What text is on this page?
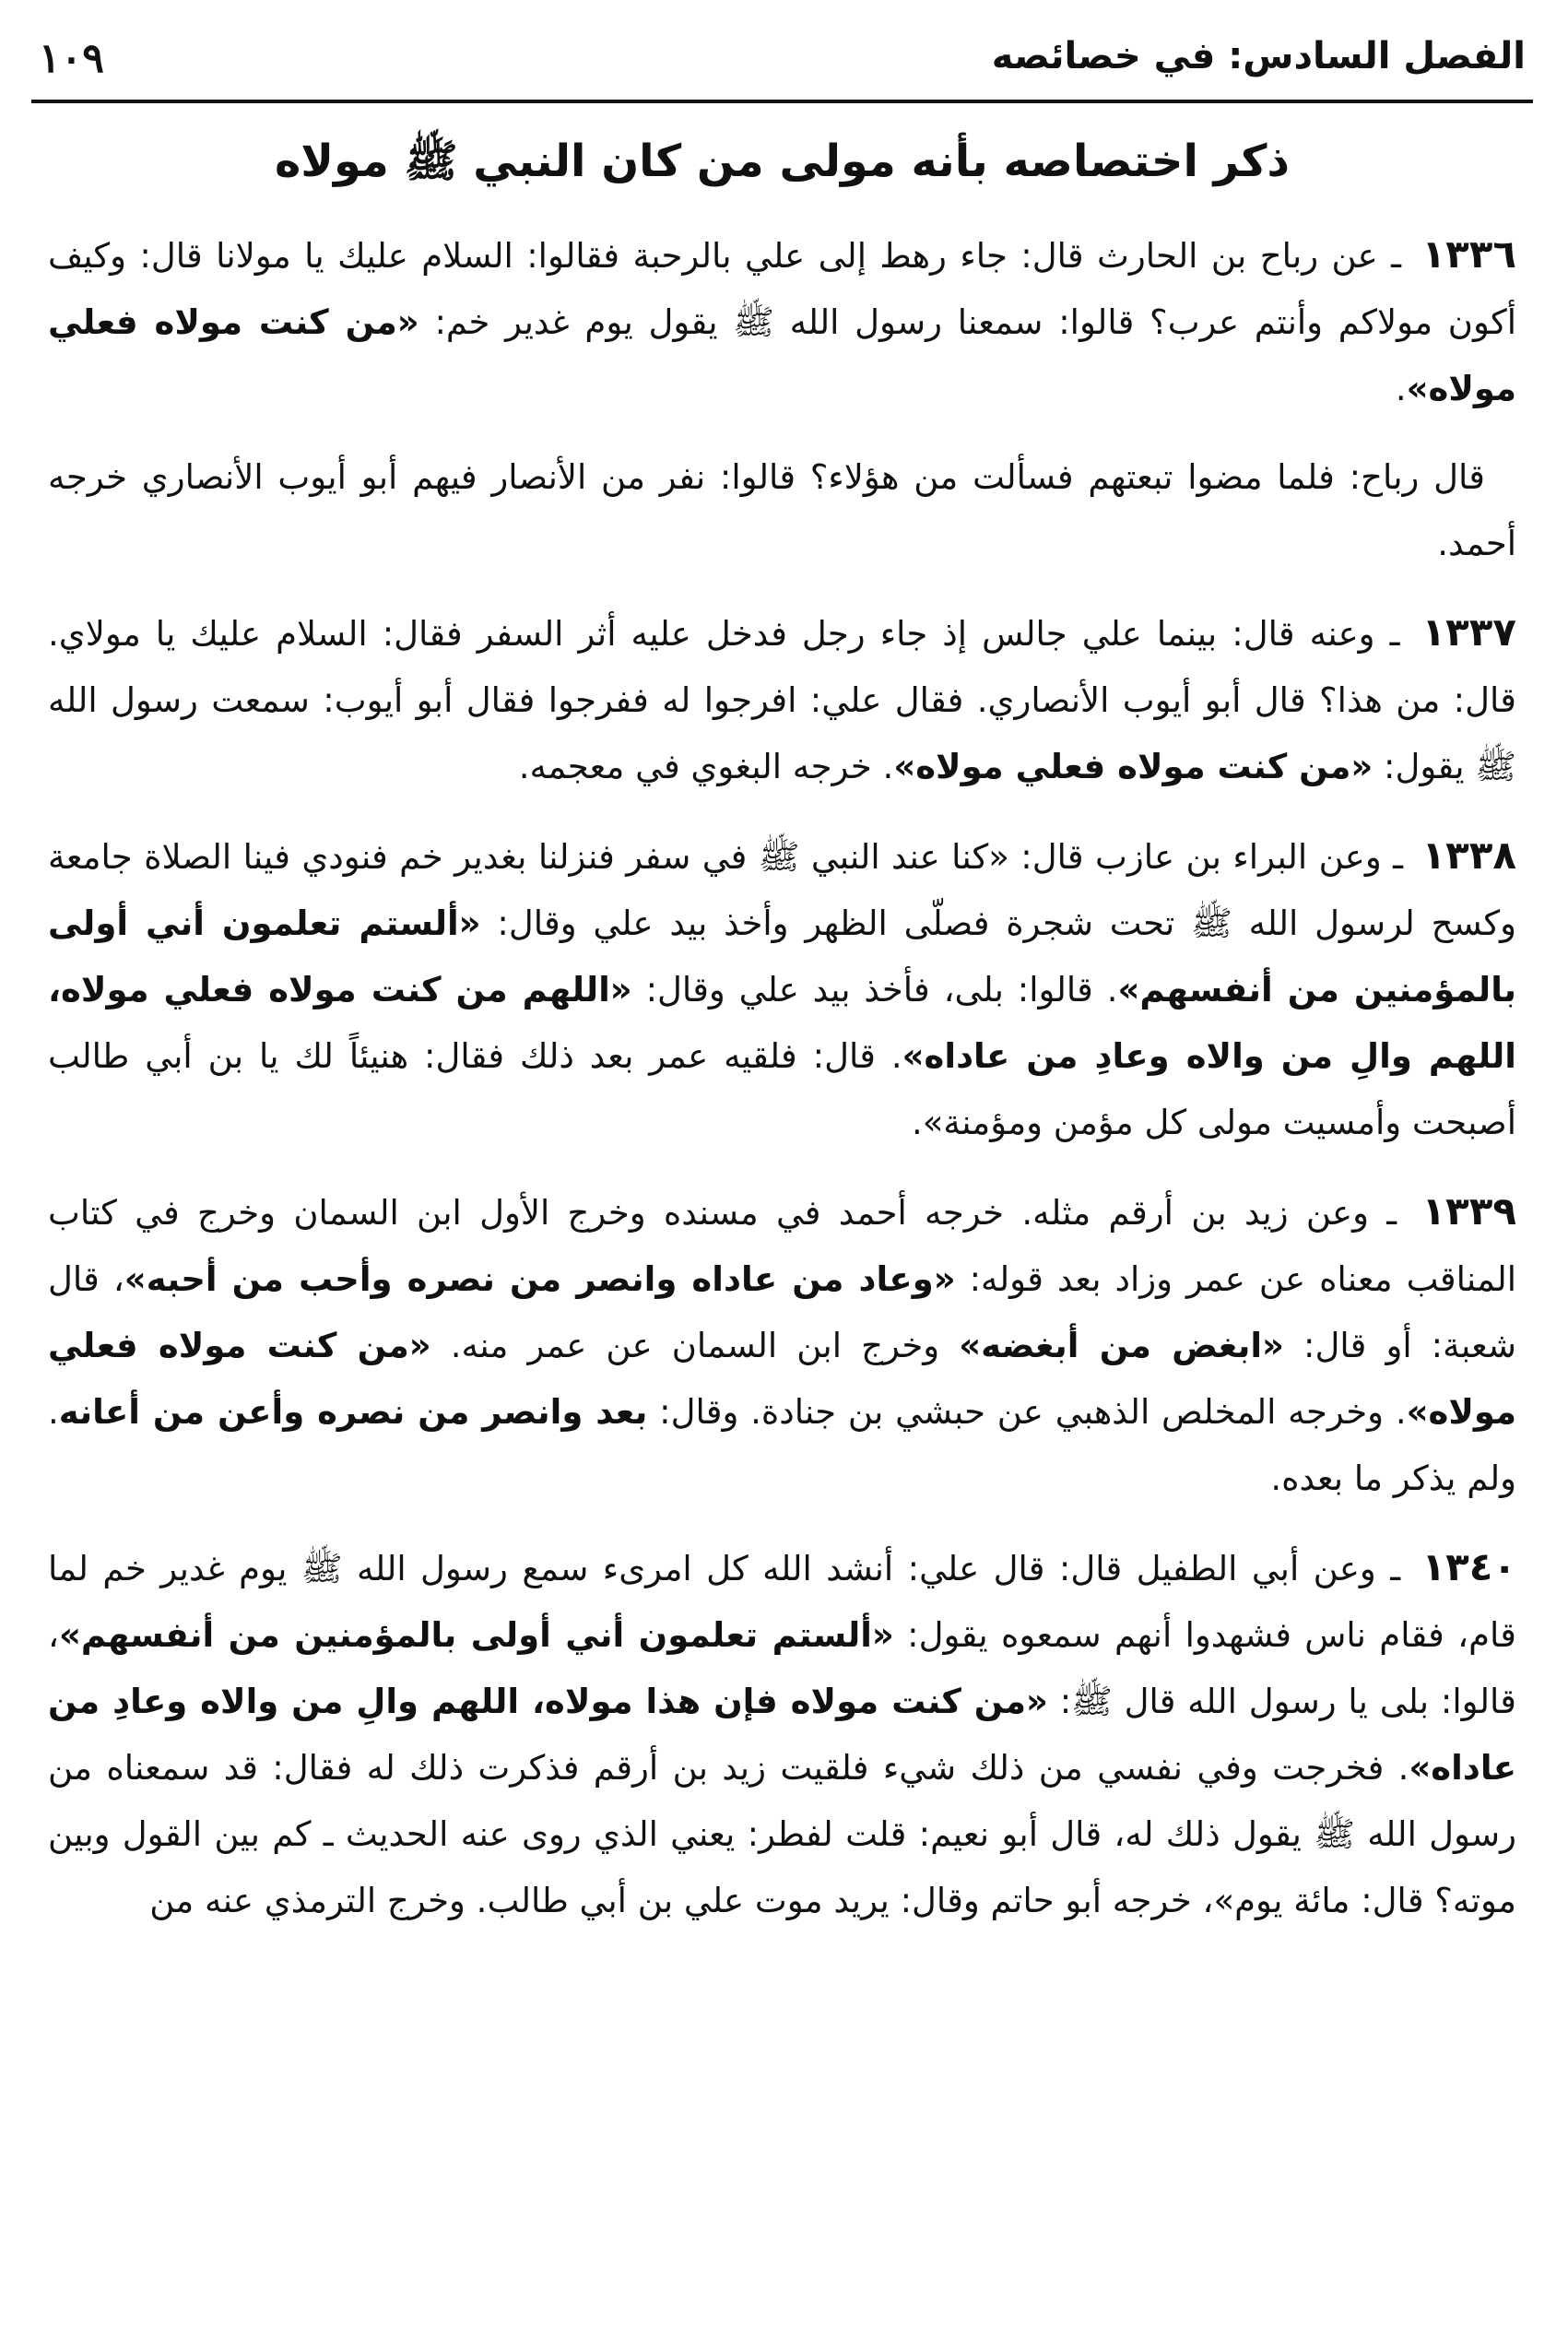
الفصل السادس: في خصائصه
١٠٩
ذكر اختصاصه بأنه مولى من كان النبي ﷺ مولاه

١٣٣٦ ـ عن رباح بن الحارث قال: جاء رهط إلى علي بالرحبة فقالوا: السلام عليك يا مولانا قال: وكيف أكون مولاكم وأنتم عرب؟ قالوا: سمعنا رسول الله ﷺ يقول يوم غدير خم: «من كنت مولاه فعلي مولاه».

قال رباح: فلما مضوا تبعتهم فسألت من هؤلاء؟ قالوا: نفر من الأنصار فيهم أبو أيوب الأنصاري خرجه أحمد.

١٣٣٧ ـ وعنه قال: بينما علي جالس إذ جاء رجل فدخل عليه أثر السفر فقال: السلام عليك يا مولاي. قال: من هذا؟ قال أبو أيوب الأنصاري. فقال علي: افرجوا له ففرجوا فقال أبو أيوب: سمعت رسول الله ﷺ يقول: «من كنت مولاه فعلي مولاه». خرجه البغوي في معجمه.

١٣٣٨ ـ وعن البراء بن عازب قال: «كنا عند النبي ﷺ في سفر فنزلنا بغدير خم فنودي فينا الصلاة جامعة وكسح لرسول الله ﷺ تحت شجرة فصلّى الظهر وأخذ بيد علي وقال: «ألستم تعلمون أني أولى بالمؤمنين من أنفسهم». قالوا: بلى، فأخذ بيد علي وقال: «اللهم من كنت مولاه فعلي مولاه، اللهم والِ من والاه وعادِ من عاداه». قال: فلقيه عمر بعد ذلك فقال: هنيئاً لك يا بن أبي طالب أصبحت وأمسيت مولى كل مؤمن ومؤمنة».

١٣٣٩ ـ وعن زيد بن أرقم مثله. خرجه أحمد في مسنده وخرج الأول ابن السمان وخرج في كتاب المناقب معناه عن عمر وزاد بعد قوله: «وعاد من عاداه وانصر من نصره وأحب من أحبه»، قال شعبة: أو قال: «ابغض من أبغضه» وخرج ابن السمان عن عمر منه. «من كنت مولاه فعلي مولاه». وخرجه المخلص الذهبي عن حبشي بن جنادة. وقال: بعد وانصر من نصره وأعن من أعانه. ولم يذكر ما بعده.

١٣٤٠ ـ وعن أبي الطفيل قال: قال علي: أنشد الله كل امرىء سمع رسول الله ﷺ يوم غدير خم لما قام، فقام ناس فشهدوا أنهم سمعوه يقول: «ألستم تعلمون أني أولى بالمؤمنين من أنفسهم»، قالوا: بلى يا رسول الله قال ﷺ: «من كنت مولاه فإن هذا مولاه، اللهم والِ من والاه وعادِ من عاداه». فخرجت وفي نفسي من ذلك شيء فلقيت زيد بن أرقم فذكرت ذلك له فقال: قد سمعناه من رسول الله ﷺ يقول ذلك له، قال أبو نعيم: قلت لفطر: يعني الذي روى عنه الحديث ـ كم بين القول وبين موته؟ قال: مائة يوم»، خرجه أبو حاتم وقال: يريد موت علي بن أبي طالب. وخرج الترمذي عنه من
